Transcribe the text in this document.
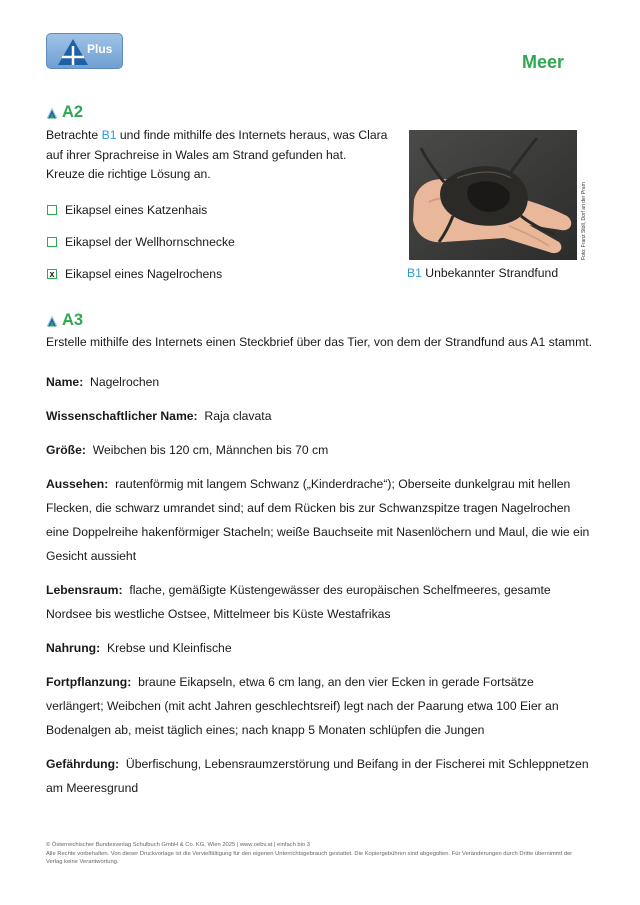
Plus
Meer
A2
Betrachte B1 und finde mithilfe des Internets heraus, was Clara auf ihrer Sprachreise in Wales am Strand gefunden hat.
Kreuze die richtige Lösung an.
Eikapsel eines Katzenhais
Eikapsel der Wellhornschnecke
x Eikapsel eines Nagelrochens
Foto: Franz Stoll, Dorf an der Pram
B1 Unbekannter Strandfund
A3
Erstelle mithilfe des Internets einen Steckbrief über das Tier, von dem der Strandfund aus A1 stammt.
Name: Nagelrochen
Wissenschaftlicher Name: Raja clavata
Größe: Weibchen bis 120 cm, Männchen bis 70 cm
Aussehen: rautenförmig mit langem Schwanz („Kinderdrache“); Oberseite dunkelgrau mit hellen Flecken, die schwarz umrandet sind; auf dem Rücken bis zur Schwanzspitze tragen Nagelrochen eine Doppelreihe hakenförmiger Stacheln; weiße Bauchseite mit Nasenlöchern und Maul, die wie ein Gesicht aussieht
Lebensraum: flache, gemäßigte Küstengewässer des europäischen Schelfmeeres, gesamte Nordsee bis westliche Ostsee, Mittelmeer bis Küste Westafrikas
Nahrung: Krebse und Kleinfische
Fortpflanzung: braune Eikapseln, etwa 6 cm lang, an den vier Ecken in gerade Fortsätze verlängert; Weibchen (mit acht Jahren geschlechtsreif) legt nach der Paarung etwa 100 Eier an Bodenalgen ab, meist täglich eines; nach knapp 5 Monaten schlüpfen die Jungen
Gefährdung: Überfischung, Lebensraumzerstörung und Beifang in der Fischerei mit Schleppnetzen am Meeresgrund
© Österreichischer Bundesverlag Schulbuch GmbH & Co. KG, Wien 2025 | www.oebv.at | einfach bio 3
Alle Rechte vorbehalten. Von dieser Druckvorlage ist die Vervielfältigung für den eigenen Unterrichtsgebrauch gestattet. Die Kopiergebühren sind abgegolten. Für Veränderungen durch Dritte übernimmt der Verlag keine Verantwortung.
